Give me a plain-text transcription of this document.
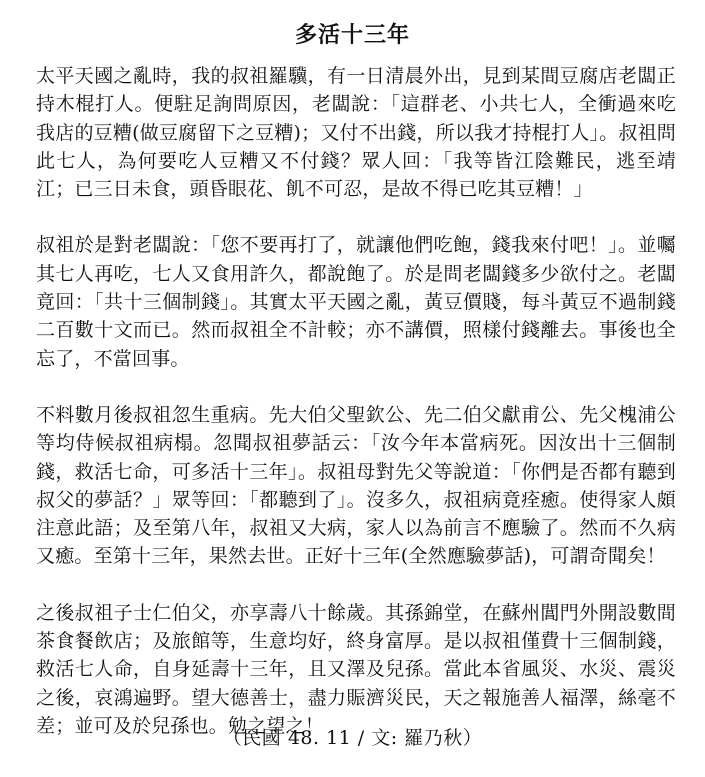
多活十三年

太平天國之亂時，我的叔祖羅驥，有一日清晨外出，見到某間豆腐店老闆正持木棍打人。便駐足詢問原因，老闆說：「這群老、小共七人，全衝過來吃我店的豆糟(做豆腐留下之豆糟)；又付不出錢，所以我才持棍打人」。叔祖問此七人，為何要吃人豆糟又不付錢？眾人回：「我等皆江陰難民，逃至靖江；已三日未食，頭昏眼花、飢不可忍，是故不得已吃其豆糟！」

叔祖於是對老闆說：「您不要再打了，就讓他們吃飽，錢我來付吧！」。並囑其七人再吃，七人又食用許久，都說飽了。於是問老闆錢多少欲付之。老闆竟回：「共十三個制錢」。其實太平天國之亂，黃豆價賤，每斗黃豆不過制錢二百數十文而已。然而叔祖全不計較；亦不講價，照樣付錢離去。事後也全忘了，不當回事。

不料數月後叔祖忽生重病。先大伯父聖欽公、先二伯父獻甫公、先父槐浦公等均侍候叔祖病榻。忽聞叔祖夢話云：「汝今年本當病死。因汝出十三個制錢，救活七命，可多活十三年」。叔祖母對先父等說道：「你們是否都有聽到叔父的夢話？」眾等回：「都聽到了」。沒多久，叔祖病竟痊癒。使得家人頗注意此語；及至第八年，叔祖又大病，家人以為前言不應驗了。然而不久病又癒。至第十三年，果然去世。正好十三年(全然應驗夢話)，可謂奇聞矣！

之後叔祖子士仁伯父，亦享壽八十餘歲。其孫錦堂，在蘇州閶門外開設數間茶食餐飲店；及旅館等，生意均好，終身富厚。是以叔祖僅費十三個制錢，救活七人命，自身延壽十三年，且又澤及兒孫。當此本省風災、水災、震災之後，哀鴻遍野。望大德善士，盡力賑濟災民，天之報施善人福澤，絲毫不差；並可及於兒孫也。勉之望之！

（民國 48. 11 / 文: 羅乃秋）
